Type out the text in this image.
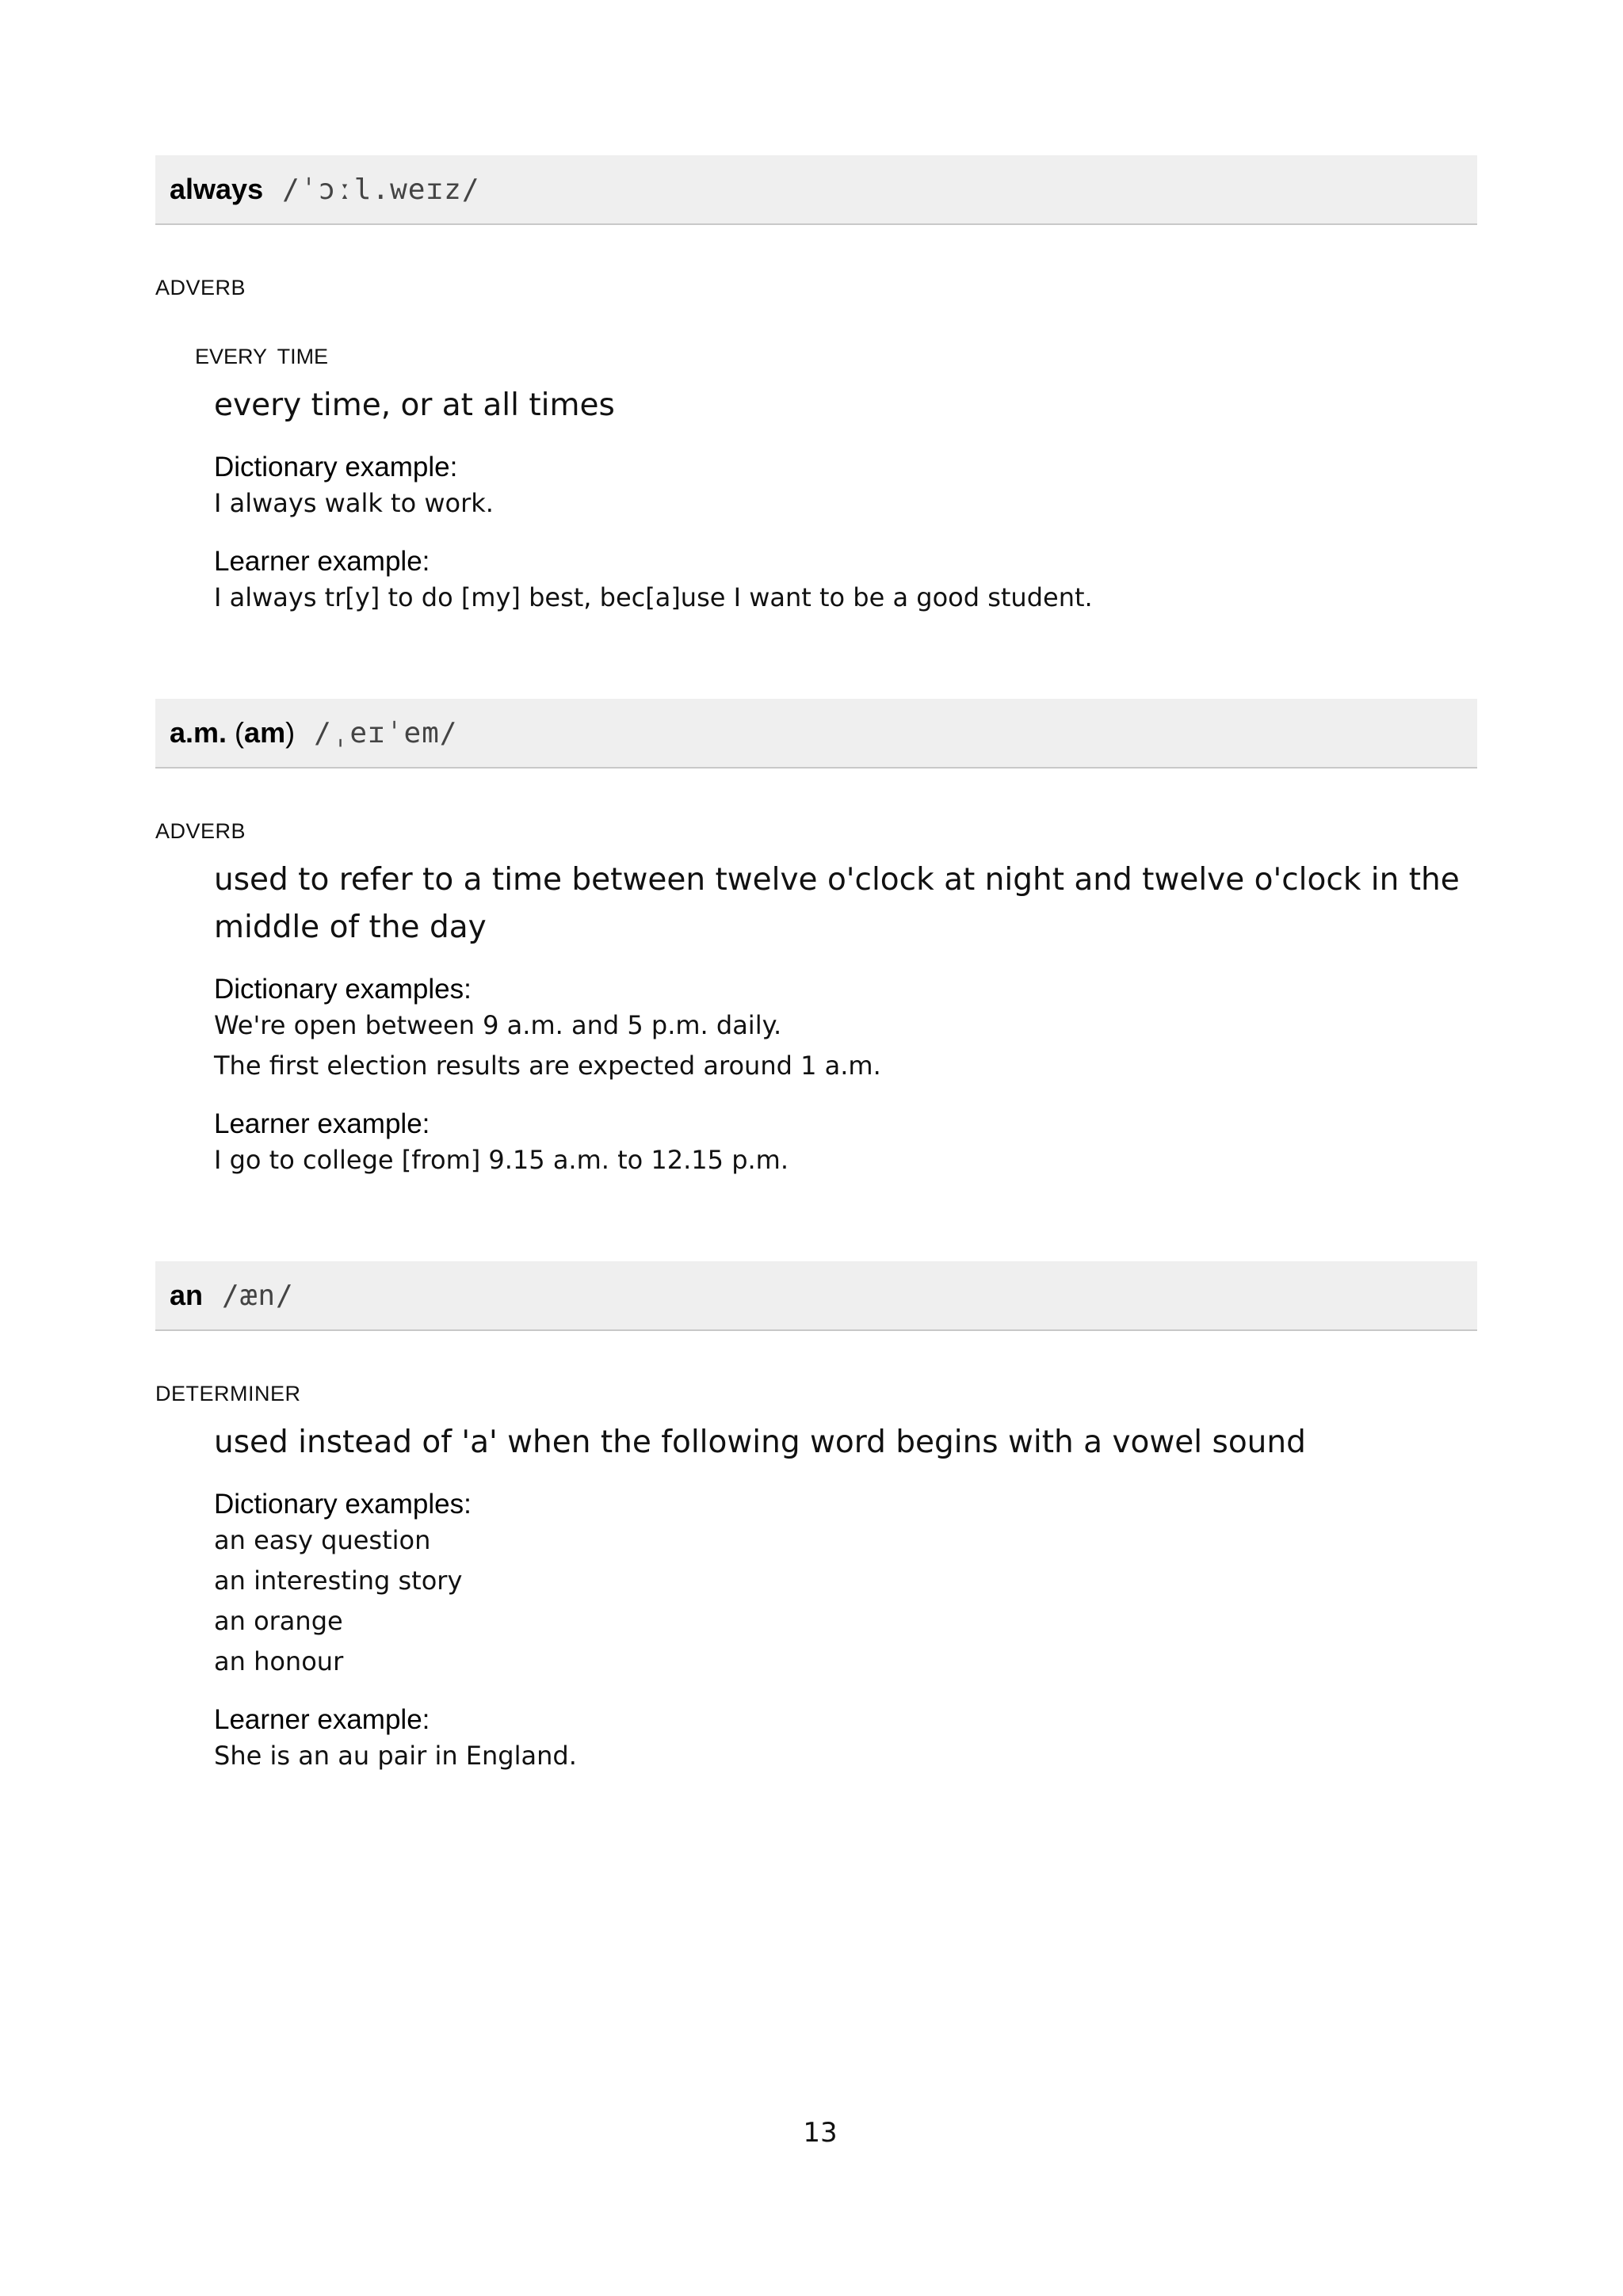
always /ˈɔːl.weɪz/
ADVERB
EVERY TIME
every time, or at all times
Dictionary example:
I always walk to work.
Learner example:
I always tr[y] to do [my] best, bec[a]use I want to be a good student.
a.m. (am) /ˌeɪˈem/
ADVERB
used to refer to a time between twelve o'clock at night and twelve o'clock in the middle of the day
Dictionary examples:
We're open between 9 a.m. and 5 p.m. daily.
The first election results are expected around 1 a.m.
Learner example:
I go to college [from] 9.15 a.m. to 12.15 p.m.
an /æn/
DETERMINER
used instead of 'a' when the following word begins with a vowel sound
Dictionary examples:
an easy question
an interesting story
an orange
an honour
Learner example:
She is an au pair in England.
13
